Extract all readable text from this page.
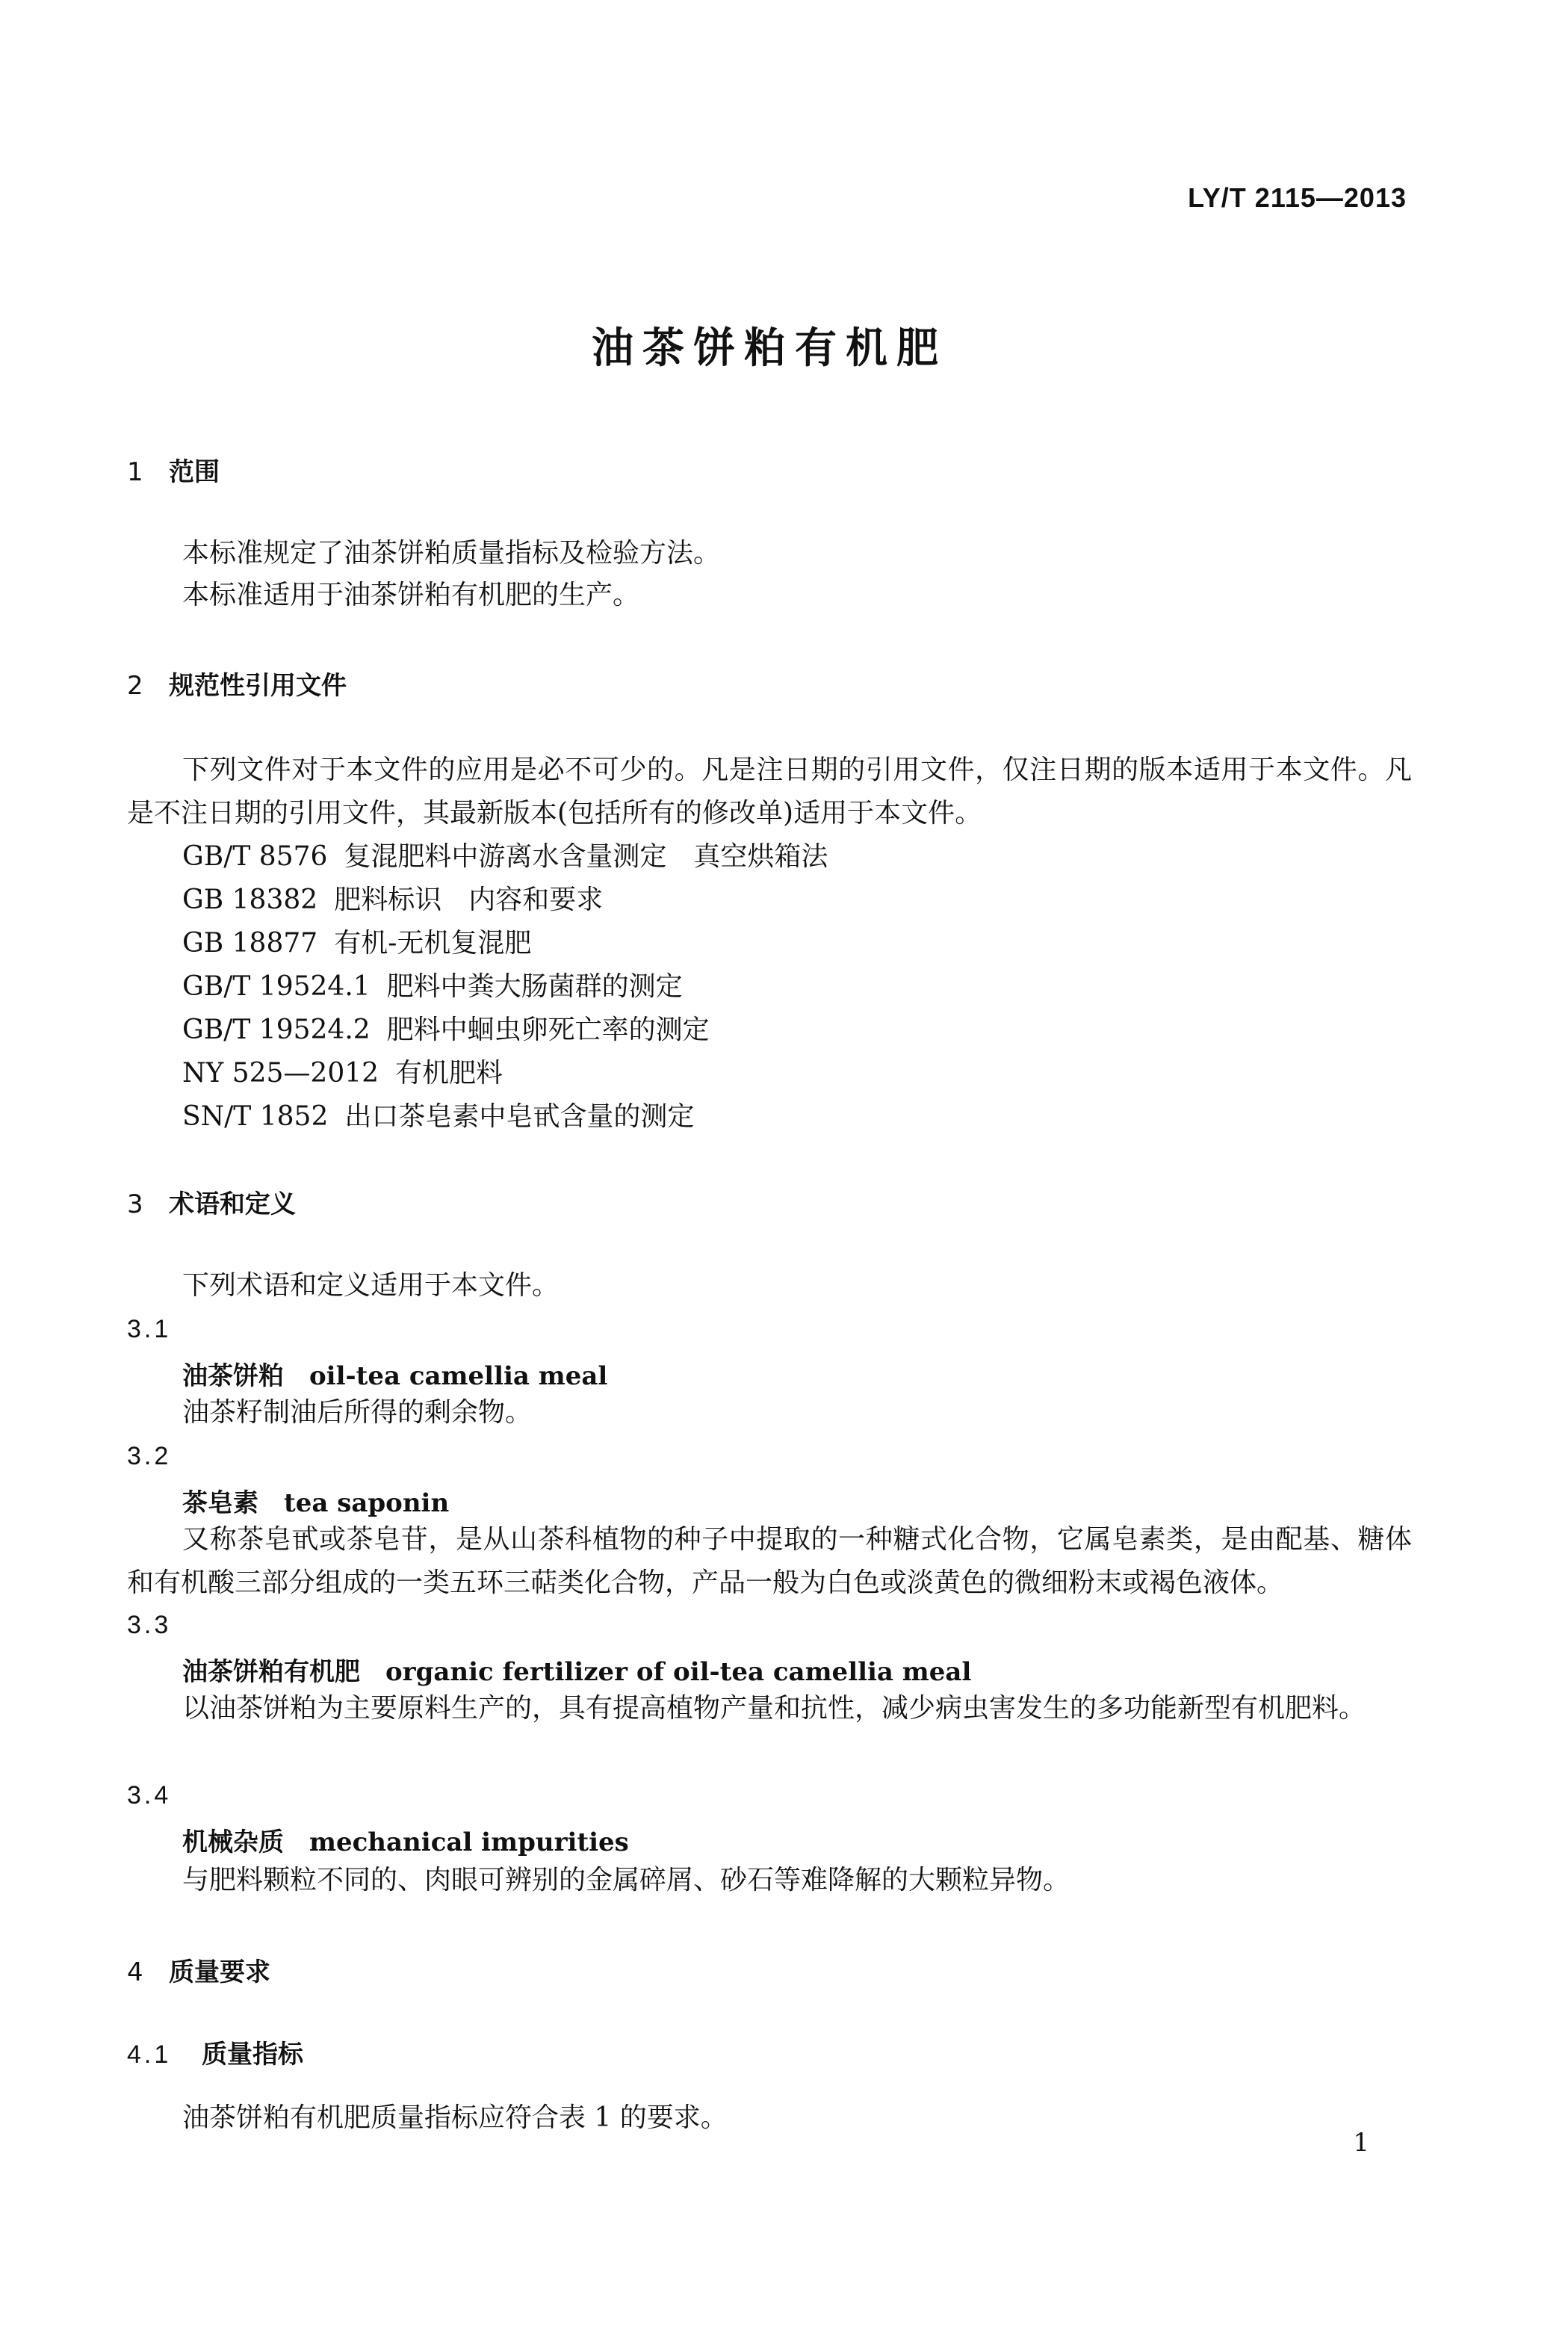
LY/T 2115—2013
油茶饼粕有机肥
1 范围
本标准规定了油茶饼粕质量指标及检验方法。
本标准适用于油茶饼粕有机肥的生产。
2 规范性引用文件
下列文件对于本文件的应用是必不可少的。凡是注日期的引用文件，仅注日期的版本适用于本文件。凡是不注日期的引用文件，其最新版本(包括所有的修改单)适用于本文件。
GB/T 8576 复混肥料中游离水含量测定　真空烘箱法
GB 18382 肥料标识　内容和要求
GB 18877 有机-无机复混肥
GB/T 19524.1 肥料中粪大肠菌群的测定
GB/T 19524.2 肥料中蛔虫卵死亡率的测定
NY 525—2012 有机肥料
SN/T 1852 出口茶皂素中皂甙含量的测定
3 术语和定义
下列术语和定义适用于本文件。
3.1
油茶饼粕 oil-tea camellia meal
油茶籽制油后所得的剩余物。
3.2
茶皂素 tea saponin
又称茶皂甙或茶皂苷，是从山茶科植物的种子中提取的一种糖式化合物，它属皂素类，是由配基、糖体和有机酸三部分组成的一类五环三萜类化合物，产品一般为白色或淡黄色的微细粉末或褐色液体。
3.3
油茶饼粕有机肥 organic fertilizer of oil-tea camellia meal
以油茶饼粕为主要原料生产的，具有提高植物产量和抗性，减少病虫害发生的多功能新型有机肥料。
3.4
机械杂质 mechanical impurities
与肥料颗粒不同的、肉眼可辨别的金属碎屑、砂石等难降解的大颗粒异物。
4 质量要求
4.1 质量指标
油茶饼粕有机肥质量指标应符合表 1 的要求。
1
